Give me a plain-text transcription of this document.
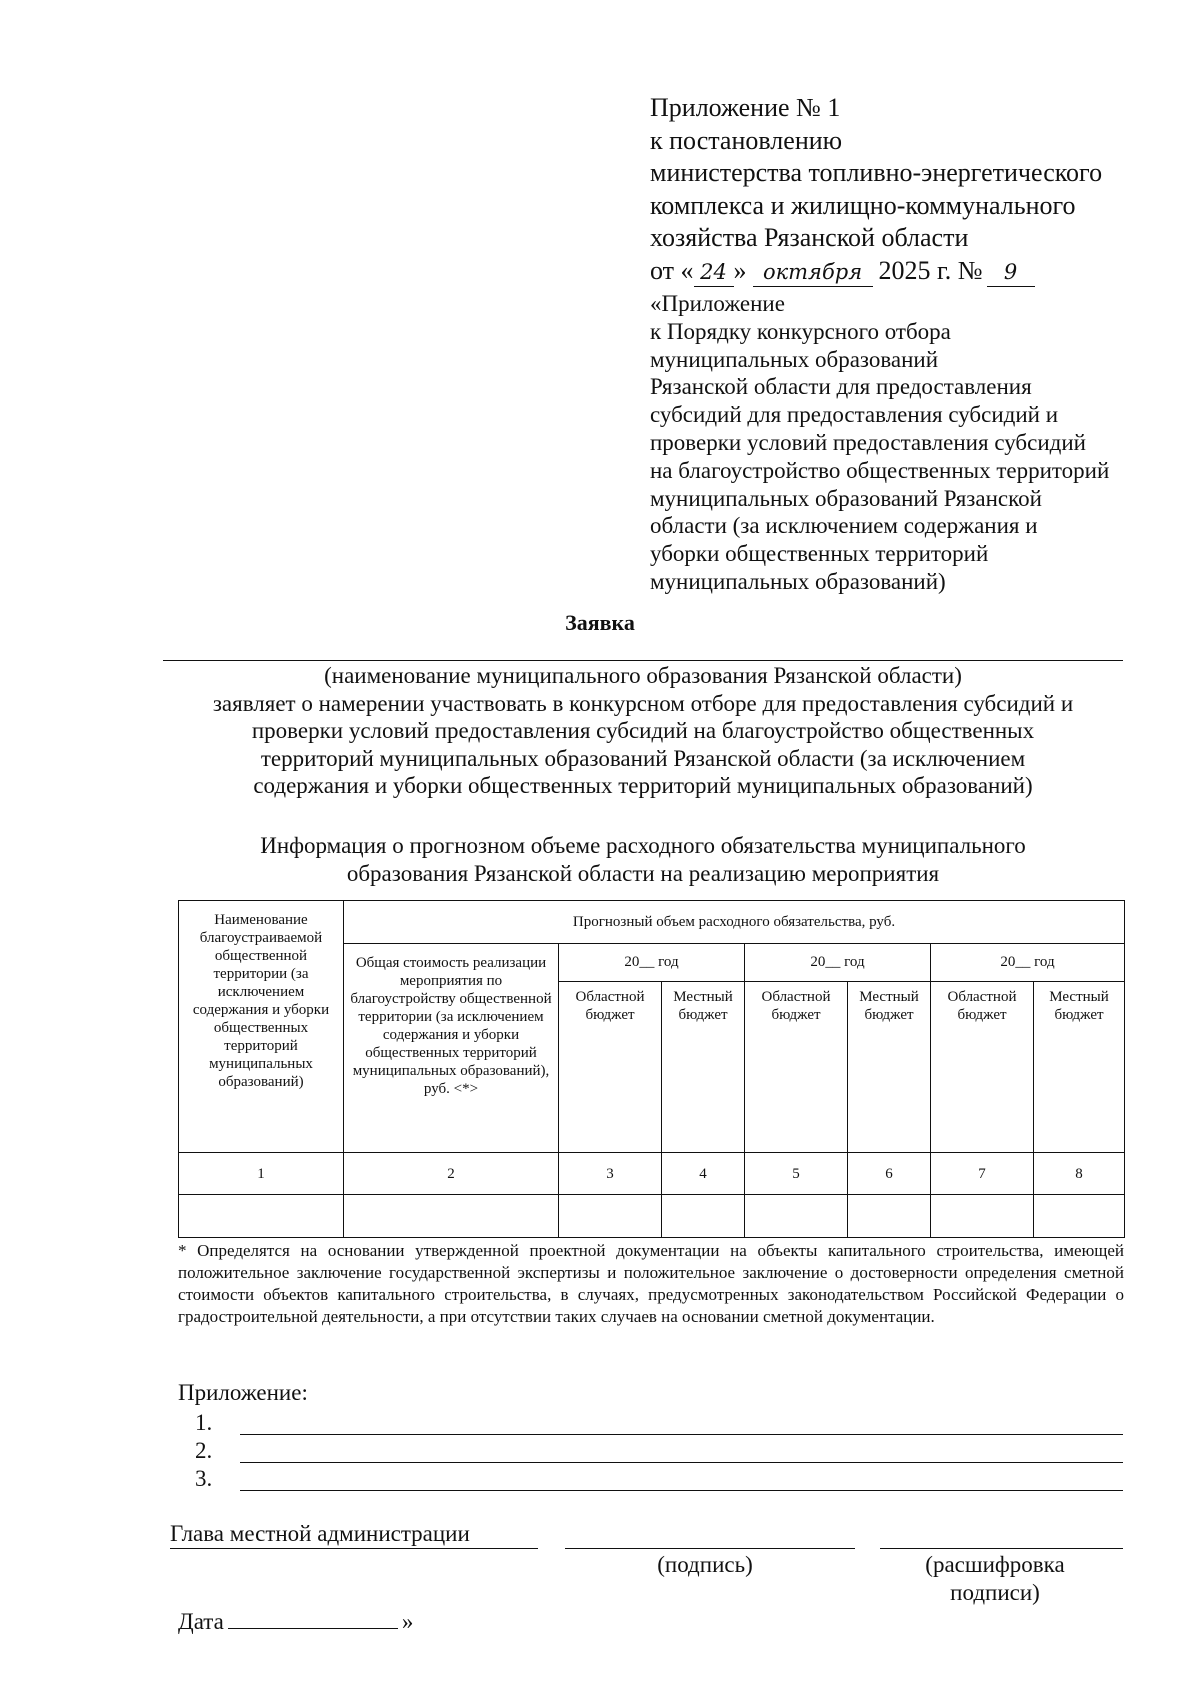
Приложение № 1
к постановлению
министерства топливно-энергетического
комплекса и жилищно-коммунального
хозяйства Рязанской области
от « 24 » октября 2025 г. №	9
«Приложение
к Порядку конкурсного отбора
муниципальных образований
Рязанской области для предоставления
субсидий для предоставления субсидий и
проверки условий предоставления субсидий
на благоустройство общественных территорий
муниципальных образований Рязанской
области (за исключением содержания и
уборки общественных территорий
муниципальных образований)
Заявка
(наименование муниципального образования Рязанской области)
заявляет о намерении участвовать в конкурсном отборе для предоставления субсидий и
проверки условий предоставления субсидий на благоустройство общественных
территорий муниципальных образований Рязанской области (за исключением
содержания и уборки общественных территорий муниципальных образований)
Информация о прогнозном объеме расходного обязательства муниципального
образования Рязанской области на реализацию мероприятия
Наименование благоустраиваемой общественной территории (за исключением содержания и уборки общественных территорий муниципальных образований)	Прогнозный объем расходного обязательства, руб.						
	Общая стоимость реализации мероприятия по благоустройству общественной территории (за исключением содержания и уборки общественных территорий муниципальных образований), руб. <*>	20__ год		20__ год		20__ год	
		Областной бюджет	Местный бюджет	Областной бюджет	Местный бюджет	Областной бюджет	Местный бюджет
1	2	3	4	5	6	7	8

* Определятся на основании утвержденной проектной документации на объекты капитального строительства, имеющей положительное заключение государственной экспертизы и положительное заключение о достоверности определения сметной стоимости объектов капитального строительства, в случаях, предусмотренных законодательством Российской Федерации о градостроительной деятельности, а при отсутствии таких случаев на основании сметной документации.
Приложение:
1.
2.
3.
Глава местной администрации
(подпись)	(расшифровка
подписи)
Дата	»
